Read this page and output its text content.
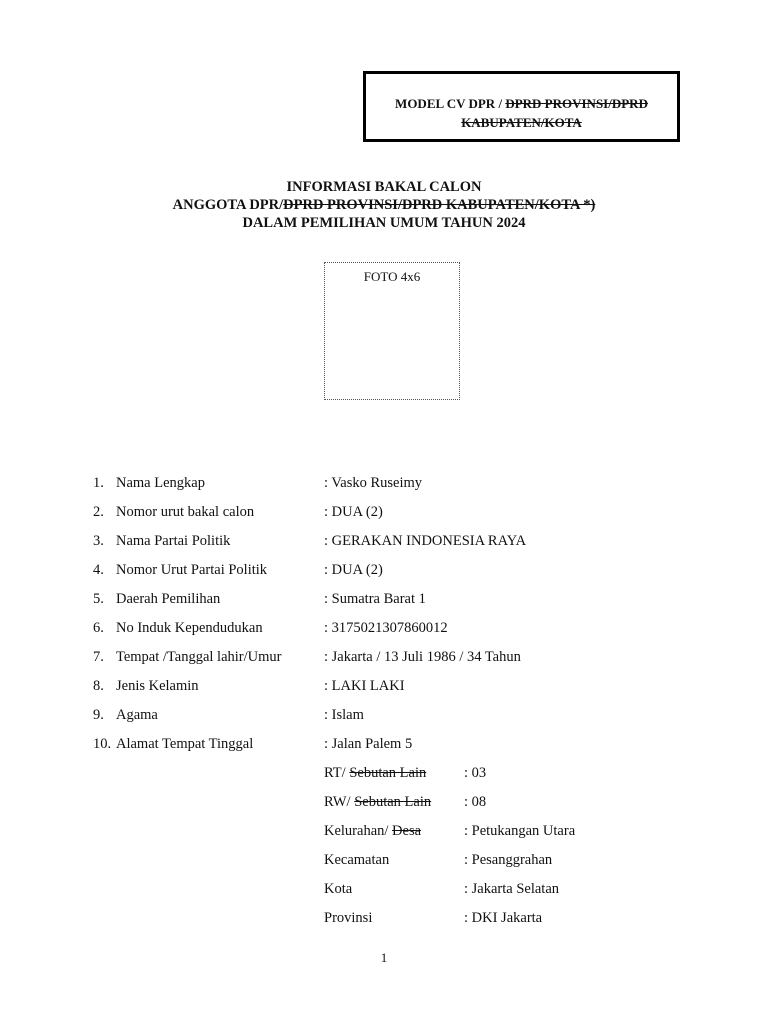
MODEL CV DPR / DPRD PROVINSI/DPRD
KABUPATEN/KOTA
INFORMASI BAKAL CALON
ANGGOTA DPR/DPRD PROVINSI/DPRD KABUPATEN/KOTA *)
DALAM PEMILIHAN UMUM TAHUN 2024
FOTO 4x6
1. Nama Lengkap	: Vasko Ruseimy
2. Nomor urut bakal calon	: DUA (2)
3. Nama Partai Politik	: GERAKAN INDONESIA RAYA
4. Nomor Urut Partai Politik	: DUA (2)
5. Daerah Pemilihan	: Sumatra Barat 1
6. No Induk Kependudukan	: 3175021307860012
7. Tempat /Tanggal lahir/Umur	: Jakarta / 13 Juli 1986 / 34 Tahun
8. Jenis Kelamin	: LAKI LAKI
9. Agama	: Islam
10. Alamat Tempat Tinggal	: Jalan Palem 5
RT/ Sebutan Lain	: 03
RW/ Sebutan Lain : 08
Kelurahan/ Desa	: Petukangan Utara
Kecamatan	: Pesanggrahan
Kota	: Jakarta Selatan
Provinsi	: DKI Jakarta
1
